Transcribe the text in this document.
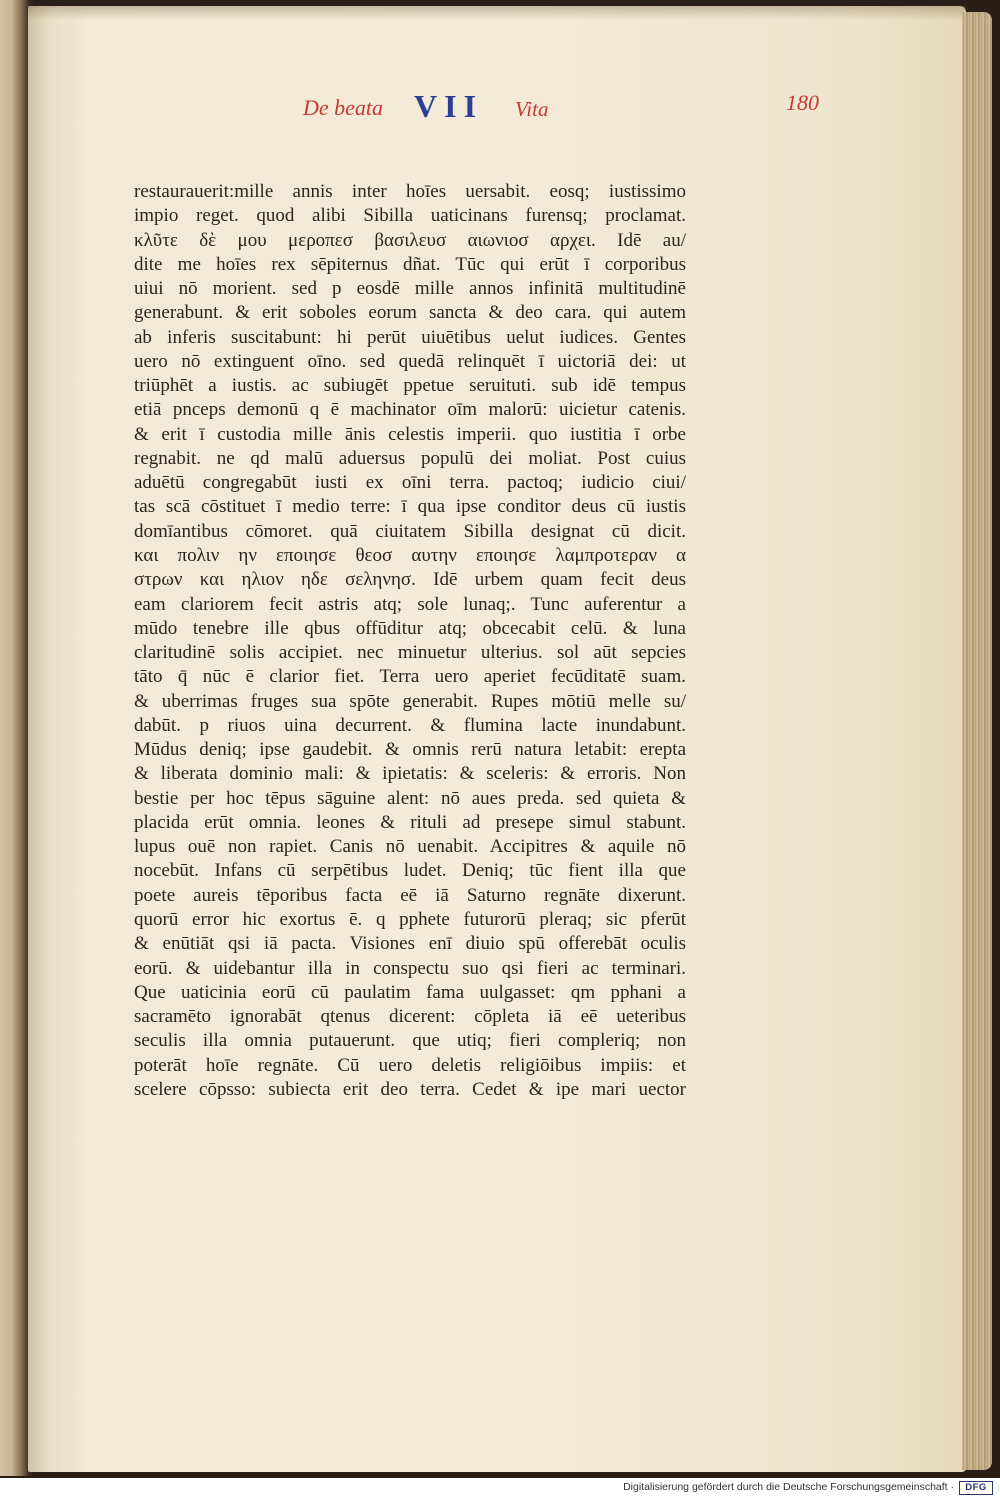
De beata VII Vita	180
restaurauerit:mille annis inter hoīes uersabit. eosq; iustissimo
impio reget. quod alibi Sibilla uaticinans furensq; proclamat.
κλῦτε δὲ μου μεροπεσ βασιλευσ αιωνιοσ αρχει. Idē au/
dite me hoīes rex sēpiternus dñat. Tūc qui erūt ī corporibus
uiui nō morient. sed p eosdē mille annos infinitā multitudinē
generabunt. & erit soboles eorum sancta & deo cara. qui autem
ab inferis suscitabunt: hi perūt uiuētibus uelut iudices. Gentes
uero nō extinguent oīno. sed quedā relinquēt ī uictoriā dei: ut
triūphēt a iustis. ac subiugēt ppetue seruituti. sub idē tempus
etiā pnceps demonū q ē machinator oīm malorū: uicietur catenis.
& erit ī custodia mille ānis celestis imperii. quo iustitia ī orbe
regnabit. ne qd malū aduersus populū dei moliat. Post cuius
aduētū congregabūt iusti ex oīni terra. pactoq; iudicio ciui/
tas scā cōstituet ī medio terre: ī qua ipse conditor deus cū iustis
domīantibus cōmoret. quā ciuitatem Sibilla designat cū dicit.
και πολιν ην εποιησε θεοσ αυτην εποιησε λαμπροτεραν α
στρων και ηλιον ηδε σεληνησ. Idē urbem quam fecit deus
eam clariorem fecit astris atq; sole lunaq;. Tunc auferentur a
mūdo tenebre ille qbus offūditur atq; obcecabit celū. & luna
claritudinē solis accipiet. nec minuetur ulterius. sol aūt sepcies
tāto q̄ nūc ē clarior fiet. Terra uero aperiet fecūditatē suam.
& uberrimas fruges sua spōte generabit. Rupes mōtiū melle su/
dabūt. p riuos uina decurrent. & flumina lacte inundabunt.
Mūdus deniq; ipse gaudebit. & omnis rerū natura letabit: erepta
& liberata dominio mali: & ipietatis: & sceleris: & erroris. Non
bestie per hoc tēpus sāguine alent: nō aues preda. sed quieta &
placida erūt omnia. leones & rituli ad presepe simul stabunt.
lupus ouē non rapiet. Canis nō uenabit. Accipitres & aquile nō
nocebūt. Infans cū serpētibus ludet. Deniq; tūc fient illa que
poete aureis tēporibus facta eē iā Saturno regnāte dixerunt.
quorū error hic exortus ē. q pphete futurorū pleraq; sic pferūt
& enūtiāt qsi iā pacta. Visiones enī diuio spū offerebāt oculis
eorū. & uidebantur illa in conspectu suo qsi fieri ac terminari.
Que uaticinia eorū cū paulatim fama uulgasset: qm pphani a
sacramēto ignorabāt qtenus dicerent: cōpleta iā eē ueteribus
seculis illa omnia putauerunt. que utiq; fieri compleriq; non
poterāt hoīe regnāte. Cū uero deletis religiōibus impiis: et
scelere cōpsso: subiecta erit deo terra. Cedet & ipe mari uector
Digitalisierung gefördert durch die Deutsche Forschungsgemeinschaft ·	DFG
